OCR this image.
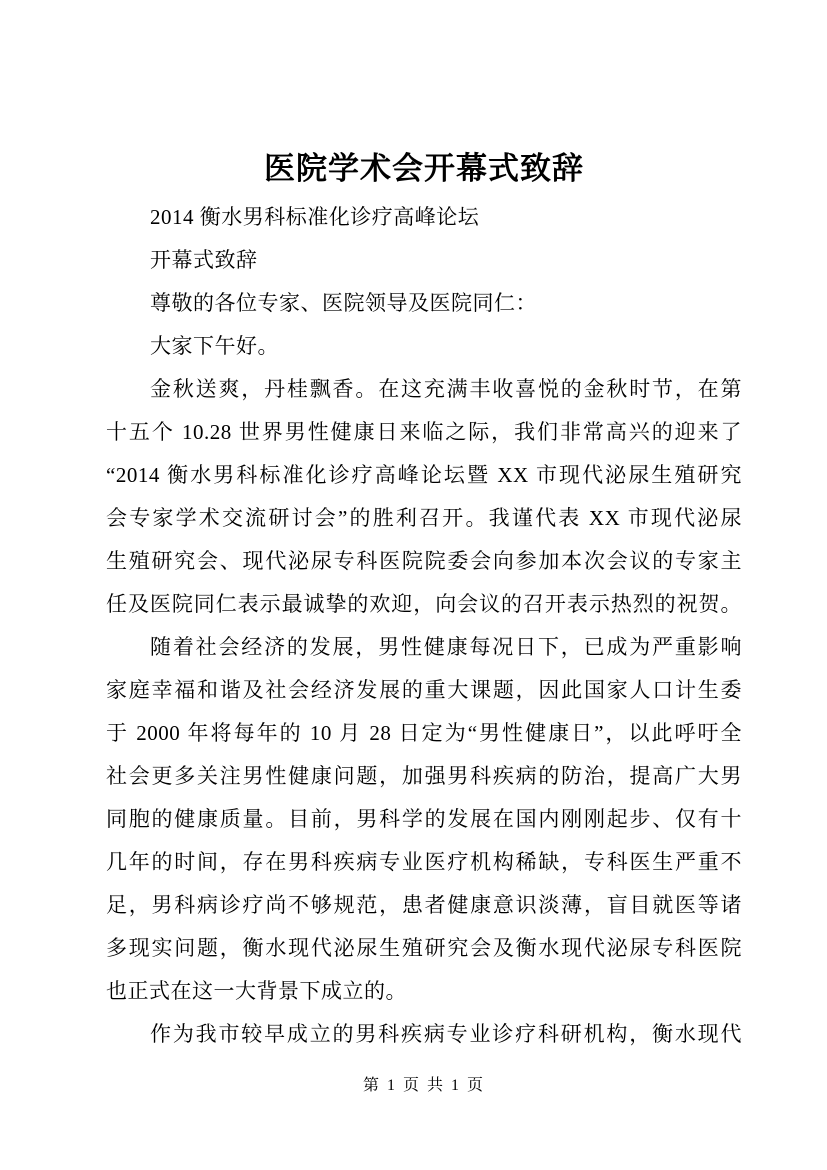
医院学术会开幕式致辞
2014 衡水男科标准化诊疗高峰论坛
开幕式致辞
尊敬的各位专家、医院领导及医院同仁：
大家下午好。
金秋送爽，丹桂飘香。在这充满丰收喜悦的金秋时节，在第
十五个 10.28 世界男性健康日来临之际，我们非常高兴的迎来了
“2014 衡水男科标准化诊疗高峰论坛暨 XX 市现代泌尿生殖研究
会专家学术交流研讨会”的胜利召开。我谨代表 XX 市现代泌尿
生殖研究会、现代泌尿专科医院院委会向参加本次会议的专家主
任及医院同仁表示最诚挚的欢迎，向会议的召开表示热烈的祝贺。
随着社会经济的发展，男性健康每况日下，已成为严重影响
家庭幸福和谐及社会经济发展的重大课题，因此国家人口计生委
于 2000 年将每年的 10 月 28 日定为“男性健康日”，以此呼吁全
社会更多关注男性健康问题，加强男科疾病的防治，提高广大男
同胞的健康质量。目前，男科学的发展在国内刚刚起步、仅有十
几年的时间，存在男科疾病专业医疗机构稀缺，专科医生严重不
足，男科病诊疗尚不够规范，患者健康意识淡薄，盲目就医等诸
多现实问题，衡水现代泌尿生殖研究会及衡水现代泌尿专科医院
也正式在这一大背景下成立的。
作为我市较早成立的男科疾病专业诊疗科研机构，衡水现代
第 1 页 共 1 页
